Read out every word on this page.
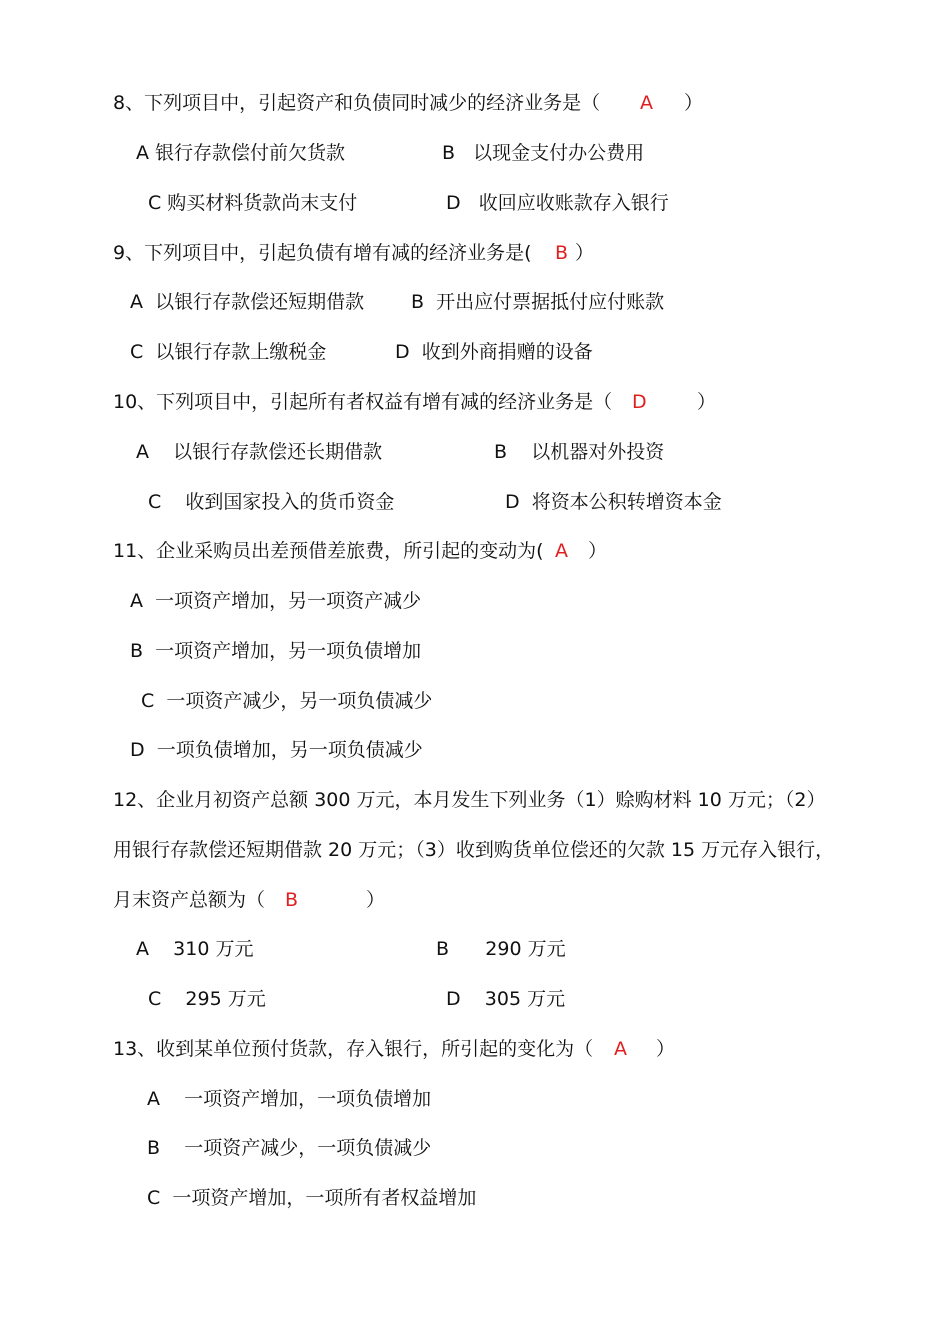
8、下列项目中，引起资产和负债同时减少的经济业务是（ A ）
A 银行存款偿付前欠货款	B   以现金支付办公费用
C 购买材料货款尚末支付	D   收回应收账款存入银行
9、下列项目中，引起负债有增有减的经济业务是( B ）
A  以银行存款偿还短期借款 B  开出应付票据抵付应付账款
C  以银行存款上缴税金	D  收到外商捐赠的设备
10、下列项目中，引起所有者权益有增有减的经济业务是（ D	）
A    以银行存款偿还长期借款	B    以机器对外投资
C    收到国家投入的货币资金	D  将资本公积转增资本金
11、企业采购员出差预借差旅费，所引起的变动为( A ）
A  一项资产增加，另一项资产减少
B  一项资产增加，另一项负债增加
C  一项资产减少，另一项负债减少
D  一项负债增加，另一项负债减少
12、企业月初资产总额 300 万元，本月发生下列业务（1）赊购材料 10 万元；（2）
用银行存款偿还短期借款 20 万元；（3）收到购货单位偿还的欠款 15 万元存入银行，
月末资产总额为（ B	）
A    310 万元	B      290 万元
C    295 万元	D    305 万元
13、收到某单位预付货款，存入银行，所引起的变化为（ A ）
A    一项资产增加，一项负债增加
B    一项资产减少，一项负债减少
C  一项资产增加，一项所有者权益增加
